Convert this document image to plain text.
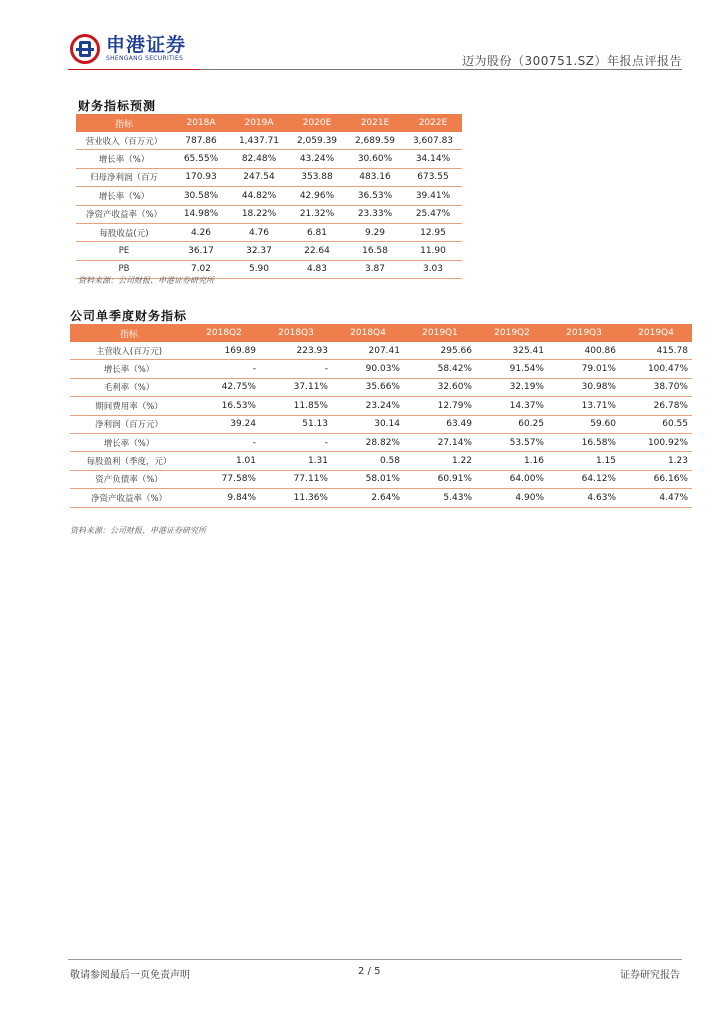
申港证券
SHENGANG SECURITIES	迈为股份（300751.SZ）年报点评报告
财务指标预测
指标	2018A	2019A	2020E	2021E	2022E
营业收入（百万元）	787.86	1,437.71	2,059.39	2,689.59	3,607.83
增长率（%）	65.55%	82.48%	43.24%	30.60%	34.14%
归母净利润（百万	170.93	247.54	353.88	483.16	673.55
增长率（%）	30.58%	44.82%	42.96%	36.53%	39.41%
净资产收益率（%）	14.98%	18.22%	21.32%	23.33%	25.47%
每股收益(元)	4.26	4.76	6.81	9.29	12.95
PE	36.17	32.37	22.64	16.58	11.90
PB	7.02	5.90	4.83	3.87	3.03
资料来源：公司财报、申港证券研究所
公司单季度财务指标
指标	2018Q2	2018Q3	2018Q4	2019Q1	2019Q2	2019Q3	2019Q4
主营收入(百万元)	169.89	223.93	207.41	295.66	325.41	400.86	415.78
增长率（%）	-	-	90.03%	58.42%	91.54%	79.01%	100.47%
毛利率（%）	42.75%	37.11%	35.66%	32.60%	32.19%	30.98%	38.70%
期间费用率（%）	16.53%	11.85%	23.24%	12.79%	14.37%	13.71%	26.78%
净利润（百万元）	39.24	51.13	30.14	63.49	60.25	59.60	60.55
增长率（%）	-	-	28.82%	27.14%	53.57%	16.58%	100.92%
每股盈利（季度，元）	1.01	1.31	0.58	1.22	1.16	1.15	1.23
资产负债率（%）	77.58%	77.11%	58.01%	60.91%	64.00%	64.12%	66.16%
净资产收益率（%）	9.84%	11.36%	2.64%	5.43%	4.90%	4.63%	4.47%
资料来源：公司财报、申港证券研究所
敬请参阅最后一页免责声明	2 / 5	证券研究报告
